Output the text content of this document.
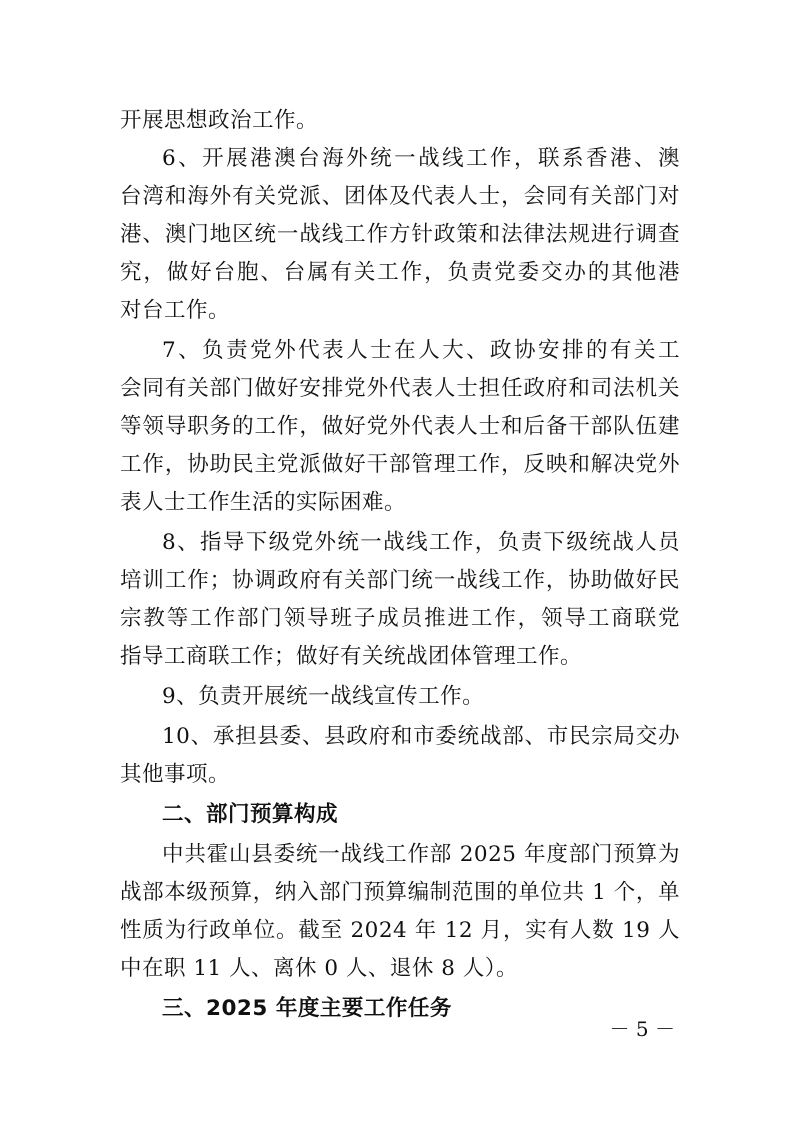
开展思想政治工作。
6、开展港澳台海外统一战线工作，联系香港、澳
台湾和海外有关党派、团体及代表人士，会同有关部门对
港、澳门地区统一战线工作方针政策和法律法规进行调查
究，做好台胞、台属有关工作，负责党委交办的其他港
对台工作。
7、负责党外代表人士在人大、政协安排的有关工
会同有关部门做好安排党外代表人士担任政府和司法机关
等领导职务的工作，做好党外代表人士和后备干部队伍建
工作，协助民主党派做好干部管理工作，反映和解决党外
表人士工作生活的实际困难。
8、指导下级党外统一战线工作，负责下级统战人员
培训工作；协调政府有关部门统一战线工作，协助做好民
宗教等工作部门领导班子成员推进工作，领导工商联党
指导工商联工作；做好有关统战团体管理工作。
9、负责开展统一战线宣传工作。
10、承担县委、县政府和市委统战部、市民宗局交办
其他事项。
二、部门预算构成
中共霍山县委统一战线工作部 2025 年度部门预算为
战部本级预算，纳入部门预算编制范围的单位共 1 个，单
性质为行政单位。截至 2024 年 12 月，实有人数 19 人
中在职 11 人、离休 0 人、退休 8 人）。
三、2025 年度主要工作任务
－ 5 －
